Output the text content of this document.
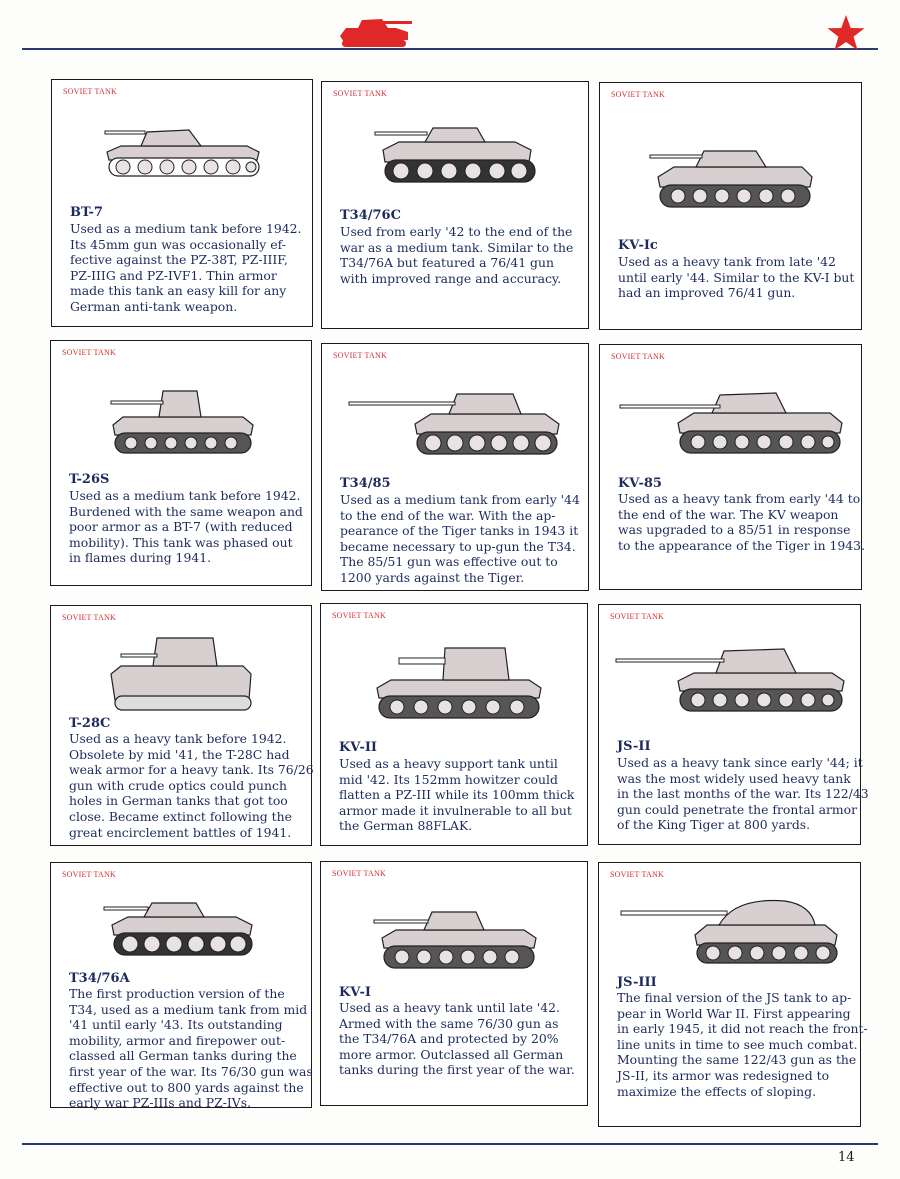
SOVIET TANK
BT-7
Used as a medium tank before 1942.
Its 45mm gun was occasionally ef-
fective against the PZ-38T, PZ-IIIF,
PZ-IIIG and PZ-IVF1. Thin armor
made this tank an easy kill for any
German anti-tank weapon.
SOVIET TANK
T34/76C
Used from early '42 to the end of the
war as a medium tank. Similar to the
T34/76A but featured a 76/41 gun
with improved range and accuracy.
SOVIET TANK
KV-Ic
Used as a heavy tank from late '42
until early '44. Similar to the KV-I but
had an improved 76/41 gun.
SOVIET TANK
T-26S
Used as a medium tank before 1942.
Burdened with the same weapon and
poor armor as a BT-7 (with reduced
mobility). This tank was phased out
in flames during 1941.
SOVIET TANK
T34/85
Used as a medium tank from early '44
to the end of the war. With the ap-
pearance of the Tiger tanks in 1943 it
became necessary to up-gun the T34.
The 85/51 gun was effective out to
1200 yards against the Tiger.
SOVIET TANK
KV-85
Used as a heavy tank from early '44 to
the end of the war. The KV weapon
was upgraded to a 85/51 in response
to the appearance of the Tiger in 1943.
SOVIET TANK
T-28C
Used as a heavy tank before 1942.
Obsolete by mid '41, the T-28C had
weak armor for a heavy tank. Its 76/26
gun with crude optics could punch
holes in German tanks that got too
close. Became extinct following the
great encirclement battles of 1941.
SOVIET TANK
KV-II
Used as a heavy support tank until
mid '42. Its 152mm howitzer could
flatten a PZ-III while its 100mm thick
armor made it invulnerable to all but
the German 88FLAK.
SOVIET TANK
JS-II
Used as a heavy tank since early '44; it
was the most widely used heavy tank
in the last months of the war. Its 122/43
gun could penetrate the frontal armor
of the King Tiger at 800 yards.
SOVIET TANK
T34/76A
The first production version of the
T34, used as a medium tank from mid
'41 until early '43. Its outstanding
mobility, armor and firepower out-
classed all German tanks during the
first year of the war. Its 76/30 gun was
effective out to 800 yards against the
early war PZ-IIIs and PZ-IVs.
SOVIET TANK
KV-I
Used as a heavy tank until late '42.
Armed with the same 76/30 gun as
the T34/76A and protected by 20%
more armor. Outclassed all German
tanks during the first year of the war.
SOVIET TANK
JS-III
The final version of the JS tank to ap-
pear in World War II. First appearing
in early 1945, it did not reach the front-
line units in time to see much combat.
Mounting the same 122/43 gun as the
JS-II, its armor was redesigned to
maximize the effects of sloping.
14
